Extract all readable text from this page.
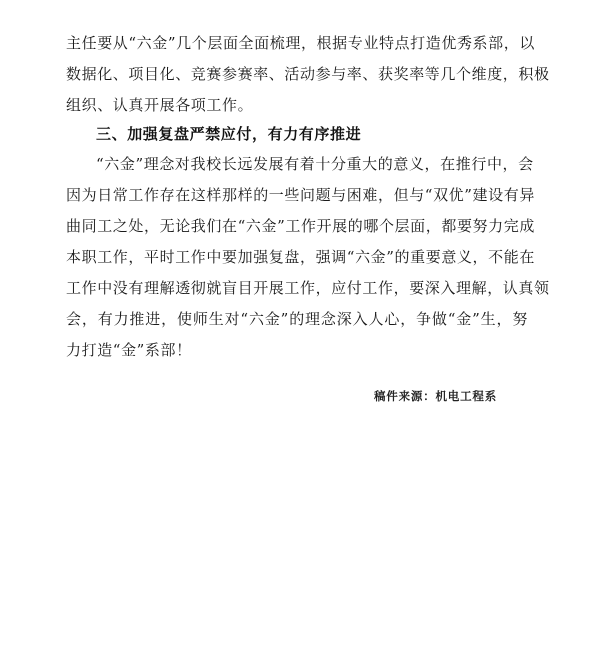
主任要从“六金”几个层面全面梳理，根据专业特点打造优秀系部，以
数据化、项目化、竞赛参赛率、活动参与率、获奖率等几个维度，积极
组织、认真开展各项工作。
三、加强复盘严禁应付，有力有序推进
“六金”理念对我校长远发展有着十分重大的意义，在推行中，会
因为日常工作存在这样那样的一些问题与困难，但与“双优”建设有异
曲同工之处，无论我们在“六金”工作开展的哪个层面，都要努力完成
本职工作，平时工作中要加强复盘，强调“六金”的重要意义，不能在
工作中没有理解透彻就盲目开展工作，应付工作，要深入理解，认真领
会，有力推进，使师生对“六金”的理念深入人心，争做“金”生，努
力打造“金”系部！
稿件来源：机电工程系
